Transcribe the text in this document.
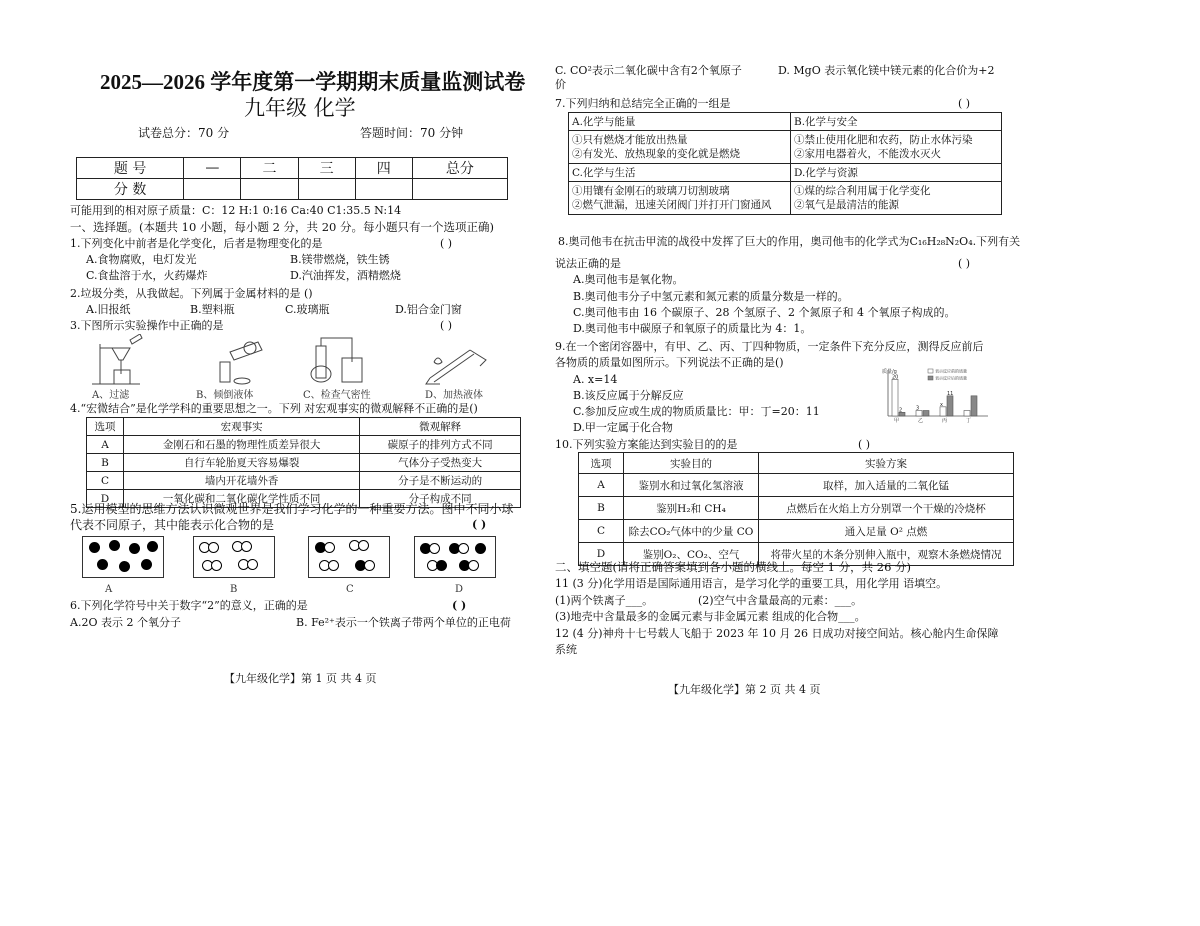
2025—2026 学年度第一学期期末质量监测试卷
九年级 化学
试卷总分：70 分	答题时间：70 分钟
题 号	—	二	三	四	总分
分 数					
可能用到的相对原子质量：C：12 H:1 0:16 Ca:40 C1:35.5 N:14
一、选择题。(本题共 10 小题，每小题 2 分，共 20 分。每小题只有一个选项正确)
1.下列变化中前者是化学变化，后者是物理变化的是	( )
A.食物腐败，电灯发光	B.镁带燃烧，铁生锈
C.食盐溶于水，火药爆炸	D.汽油挥发，酒精燃烧
2.垃圾分类，从我做起。下列属于金属材料的是 ()
A.旧报纸	B.塑料瓶	C.玻璃瓶	D.铝合金门窗
3.下图所示实验操作中正确的是	( )
A、过滤	B、倾倒液体	C、检查气密性	D、加热液体
4.“宏微结合”是化学学科的重要思想之一。下列 对宏观事实的微观解释不正确的是()
选项	宏观事实	微观解释
A	金刚石和石墨的物理性质差异很大	碳原子的排列方式不同
B	自行车轮胎夏天容易爆裂	气体分子受热变大
C	墙内开花墙外香	分子是不断运动的
D	一氧化碳和二氧化碳化学性质不同	分子构成不同
5.运用模型的思维方法认识微观世界是我们学习化学的一种重要方法。图中不同小球
代表不同原子，其中能表示化合物的是	( )
A	B	C	D
6.下列化学符号中关于数字“2”的意义，正确的是	( )
A.2O 表示 2 个氧分子	B. Fe²⁺表示一个铁离子带两个单位的正电荷
【九年级化学】第 1 页 共 4 页
C. CO²表示二氧化碳中含有2个氧原子	D. MgO 表示氧化镁中镁元素的化合价为+2
价
7.下列归纳和总结完全正确的一组是	( )
A.化学与能量	B.化学与安全
①只有燃烧才能放出热量
②有发光、放热现象的变化就是燃烧	①禁止使用化肥和农药，防止水体污染
②家用电器着火，不能泼水灭火
C.化学与生活	D.化学与资源
①用镶有金刚石的玻璃刀切割玻璃
②燃气泄漏，迅速关闭阀门并打开门窗通风	①煤的综合利用属于化学变化
②氧气是最清洁的能源
8.奥司他韦在抗击甲流的战役中发挥了巨大的作用，奥司他韦的化学式为C₁₆H₂₈N₂O₄.下列有关
说法正确的是	( )
A.奥司他韦是氧化物。
B.奥司他韦分子中氢元素和氮元素的质量分数是一样的。
C.奥司他韦由 16 个碳原子、28 个氢原子、2 个氮原子和 4 个氧原子构成的。
D.奥司他韦中碳原子和氧原子的质量比为 4：1。
9.在一个密闭容器中，有甲、乙、丙、丁四种物质，一定条件下充分反应，测得反应前后
各物质的质量如图所示。下列说法不正确的是()
A. x=14
B.该反应属于分解反应
C.参加反应或生成的物质质量比：甲：丁=20：11
D.甲一定属于化合物
质量/g	表示反应前的质量
表示反应后的质量
20
2	3
x
11
甲	乙	丙	丁
10.下列实验方案能达到实验目的的是	( )
选项	实验目的	实验方案
A	鉴别水和过氧化氢溶液	取样，加入适量的二氧化锰
B	鉴别H₂和 CH₄	点燃后在火焰上方分别罩一个干燥的冷烧杯
C	除去CO₂气体中的少量 CO	通入足量 O² 点燃
D	鉴别O₂、CO₂、空气	将带火星的木条分别伸入瓶中，观察木条燃烧情况
二、填空题(请将正确答案填到各小题的横线上。每空 1 分，共 26 分)
11 (3 分)化学用语是国际通用语言，是学习化学的重要工具，用化学用 语填空。
(1)两个铁离子___。	(2)空气中含量最高的元素：___。
(3)地壳中含量最多的金属元素与非金属元素 组成的化合物___。
12 (4 分)神舟十七号载人飞船于 2023 年 10 月 26 日成功对接空间站。核心舱内生命保障
系统
【九年级化学】第 2 页 共 4 页
